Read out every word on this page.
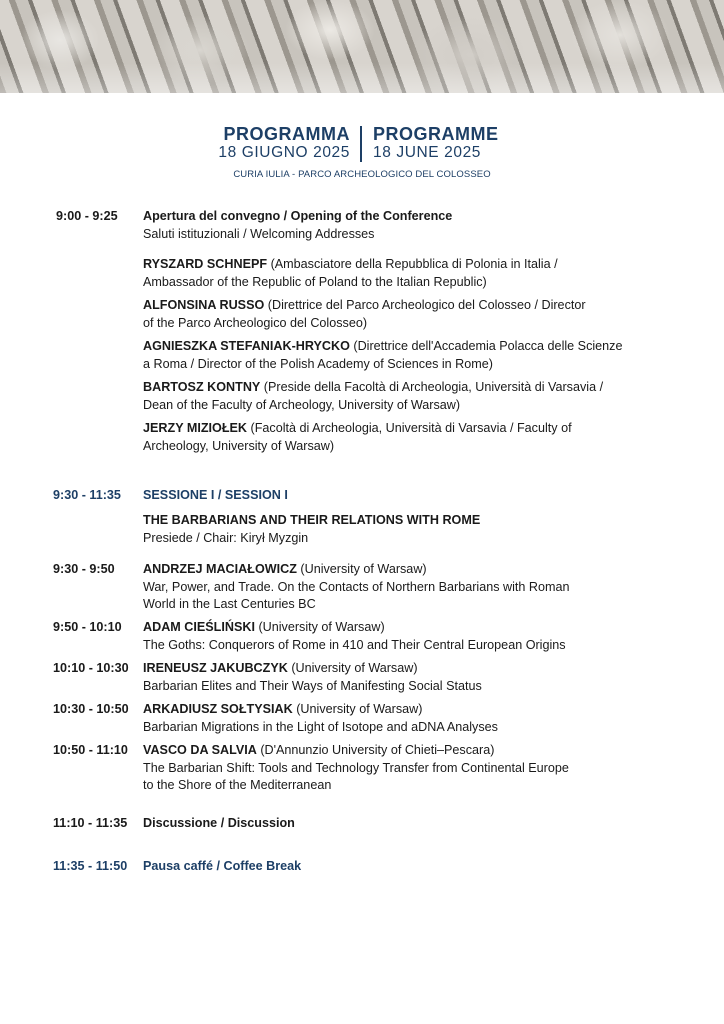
PROGRAMMA
18 GIUGNO 2025
PROGRAMME
18 JUNE 2025
CURIA IULIA - PARCO ARCHEOLOGICO DEL COLOSSEO
9:00 - 9:25 Apertura del convegno / Opening of the Conference
Saluti istituzionali / Welcoming Addresses
RYSZARD SCHNEPF (Ambasciatore della Repubblica di Polonia in Italia /
Ambassador of the Republic of Poland to the Italian Republic)
ALFONSINA RUSSO (Direttrice del Parco Archeologico del Colosseo / Director
of the Parco Archeologico del Colosseo)
AGNIESZKA STEFANIAK-HRYCKO (Direttrice dell'Accademia Polacca delle Scienze
a Roma / Director of the Polish Academy of Sciences in Rome)
BARTOSZ KONTNY (Preside della Facoltà di Archeologia, Università di Varsavia /
Dean of the Faculty of Archeology, University of Warsaw)
JERZY MIZIOŁEK (Facoltà di Archeologia, Università di Varsavia / Faculty of
Archeology, University of Warsaw)
9:30 - 11:35 SESSIONE I / SESSION I
THE BARBARIANS AND THEIR RELATIONS WITH ROME
Presiede / Chair: Kirył Myzgin
9:30 - 9:50 ANDRZEJ MACIAŁOWICZ (University of Warsaw)
War, Power, and Trade. On the Contacts of Northern Barbarians with Roman
World in the Last Centuries BC
9:50 - 10:10 ADAM CIEŚLIŃSKI (University of Warsaw)
The Goths: Conquerors of Rome in 410 and Their Central European Origins
10:10 - 10:30 IRENEUSZ JAKUBCZYK (University of Warsaw)
Barbarian Elites and Their Ways of Manifesting Social Status
10:30 - 10:50 ARKADIUSZ SOŁTYSIAK (University of Warsaw)
Barbarian Migrations in the Light of Isotope and aDNA Analyses
10:50 - 11:10 VASCO DA SALVIA (D'Annunzio University of Chieti–Pescara)
The Barbarian Shift: Tools and Technology Transfer from Continental Europe
to the Shore of the Mediterranean
11:10 - 11:35 Discussione / Discussion
11:35 - 11:50 Pausa caffé / Coffee Break
